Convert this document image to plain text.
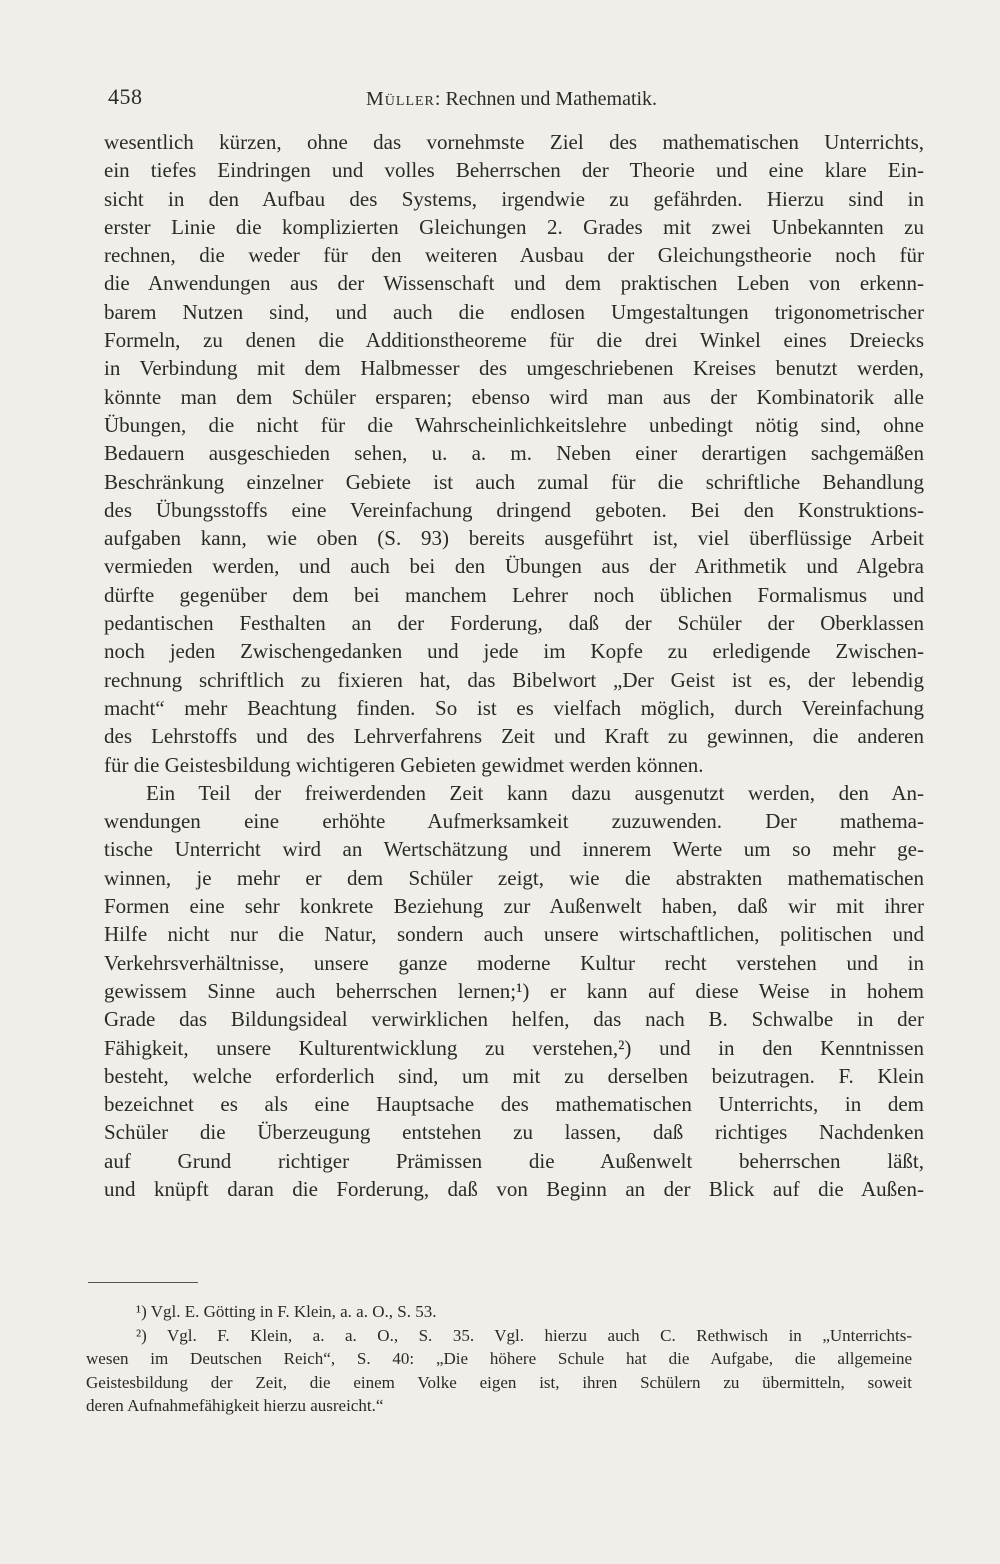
458	Müller: Rechnen und Mathematik.
wesentlich kürzen, ohne das vornehmste Ziel des mathematischen Unterrichts,
ein tiefes Eindringen und volles Beherrschen der Theorie und eine klare Ein-
sicht in den Aufbau des Systems, irgendwie zu gefährden. Hierzu sind in
erster Linie die komplizierten Gleichungen 2. Grades mit zwei Unbekannten zu
rechnen, die weder für den weiteren Ausbau der Gleichungstheorie noch für
die Anwendungen aus der Wissenschaft und dem praktischen Leben von erkenn-
barem Nutzen sind, und auch die endlosen Umgestaltungen trigonometrischer
Formeln, zu denen die Additionstheoreme für die drei Winkel eines Dreiecks
in Verbindung mit dem Halbmesser des umgeschriebenen Kreises benutzt werden,
könnte man dem Schüler ersparen; ebenso wird man aus der Kombinatorik alle
Übungen, die nicht für die Wahrscheinlichkeitslehre unbedingt nötig sind, ohne
Bedauern ausgeschieden sehen, u. a. m. Neben einer derartigen sachgemäßen
Beschränkung einzelner Gebiete ist auch zumal für die schriftliche Behandlung
des Übungsstoffs eine Vereinfachung dringend geboten. Bei den Konstruktions-
aufgaben kann, wie oben (S. 93) bereits ausgeführt ist, viel überflüssige Arbeit
vermieden werden, und auch bei den Übungen aus der Arithmetik und Algebra
dürfte gegenüber dem bei manchem Lehrer noch üblichen Formalismus und
pedantischen Festhalten an der Forderung, daß der Schüler der Oberklassen
noch jeden Zwischengedanken und jede im Kopfe zu erledigende Zwischen-
rechnung schriftlich zu fixieren hat, das Bibelwort „Der Geist ist es, der lebendig
macht“ mehr Beachtung finden. So ist es vielfach möglich, durch Vereinfachung
des Lehrstoffs und des Lehrverfahrens Zeit und Kraft zu gewinnen, die anderen
für die Geistesbildung wichtigeren Gebieten gewidmet werden können.
Ein Teil der freiwerdenden Zeit kann dazu ausgenutzt werden, den An-
wendungen eine erhöhte Aufmerksamkeit zuzuwenden. Der mathema-
tische Unterricht wird an Wertschätzung und innerem Werte um so mehr ge-
winnen, je mehr er dem Schüler zeigt, wie die abstrakten mathematischen
Formen eine sehr konkrete Beziehung zur Außenwelt haben, daß wir mit ihrer
Hilfe nicht nur die Natur, sondern auch unsere wirtschaftlichen, politischen und
Verkehrsverhältnisse, unsere ganze moderne Kultur recht verstehen und in
gewissem Sinne auch beherrschen lernen;¹) er kann auf diese Weise in hohem
Grade das Bildungsideal verwirklichen helfen, das nach B. Schwalbe in der
Fähigkeit, unsere Kulturentwicklung zu verstehen,²) und in den Kenntnissen
besteht, welche erforderlich sind, um mit zu derselben beizutragen. F. Klein
bezeichnet es als eine Hauptsache des mathematischen Unterrichts, in dem
Schüler die Überzeugung entstehen zu lassen, daß richtiges Nachdenken
auf Grund richtiger Prämissen die Außenwelt beherrschen läßt,
und knüpft daran die Forderung, daß von Beginn an der Blick auf die Außen-
¹) Vgl. E. Götting in F. Klein, a. a. O., S. 53.
²) Vgl. F. Klein, a. a. O., S. 35. Vgl. hierzu auch C. Rethwisch in „Unterrichts-
wesen im Deutschen Reich“, S. 40: „Die höhere Schule hat die Aufgabe, die allgemeine
Geistesbildung der Zeit, die einem Volke eigen ist, ihren Schülern zu übermitteln, soweit
deren Aufnahmefähigkeit hierzu ausreicht.“
